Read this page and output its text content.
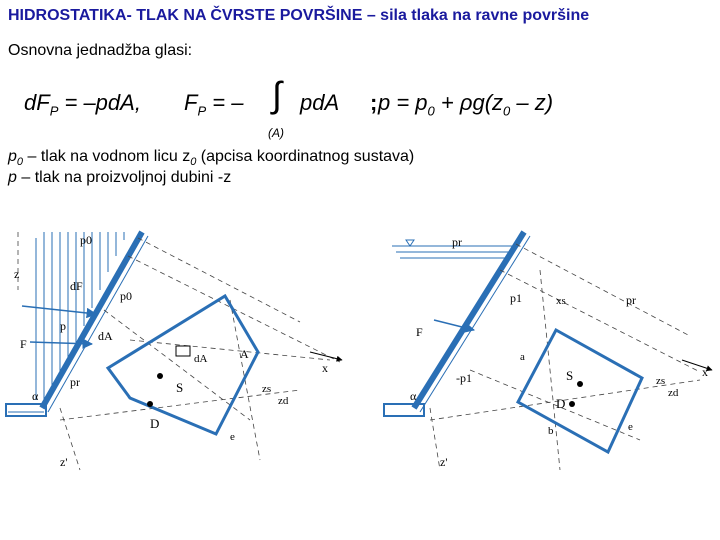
HIDROSTATIKA- TLAK NA ČVRSTE POVRŠINE – sila tlaka na ravne površine
Osnovna jednadžba glasi:
$dF_P = -pdA$, $F_P$ = – ∫ pdA
(A)
; $p = p_0 + \rho g(z_0 - z)$
$p_0$ – tlak na vodnom licu $z_0$ (apcisa koordinatnog sustava)
p – tlak na proizvoljnoj dubini -z
p0
z
dF
p0
p
F
dA
dA	A
x
pr	S
D
α
z'
zs
zd
e
pr
p1
F
x
S
D
b
a
α
z'
zs
zd
e
xs	pr
-p1
